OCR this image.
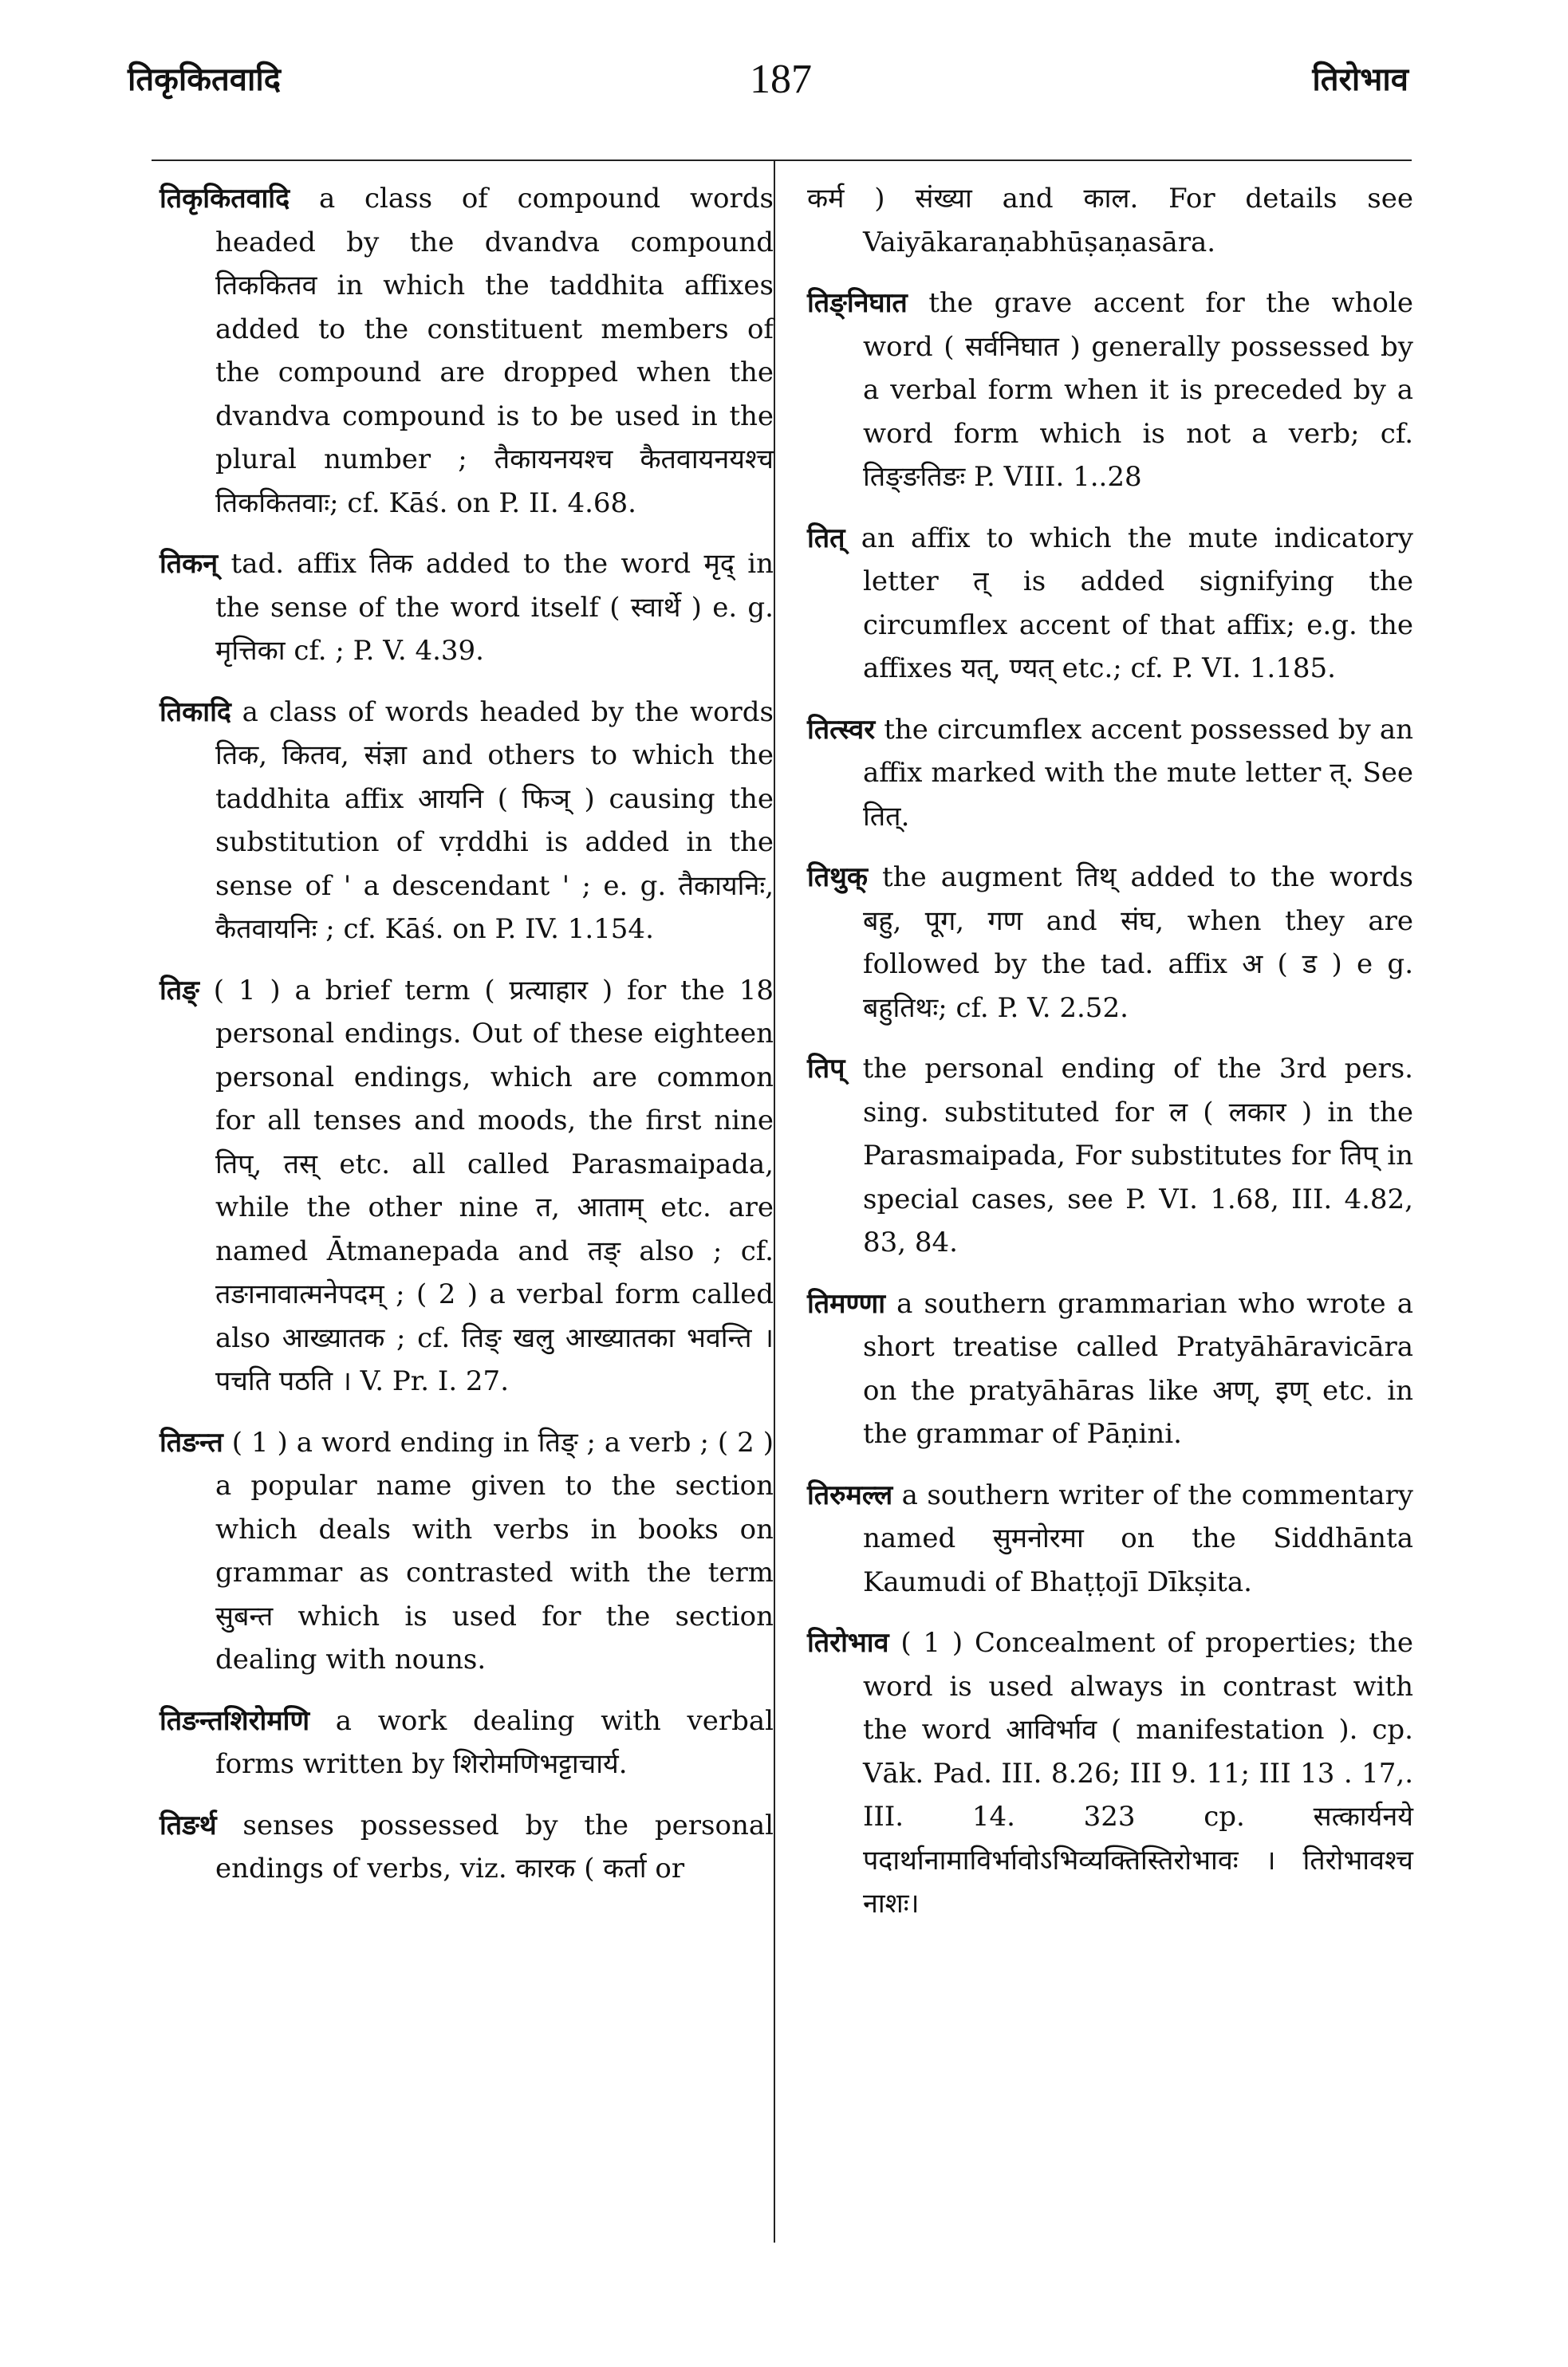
तिकृकितवादि	187	तिरोभाव

तिकृकितवादि a class of compound words headed by the dvandva compound तिककितव in which the taddhita affixes added to the constituent members of the compound are dropped when the dvandva compound is to be used in the plural number ; तैकायनयश्च कैतवायनयश्च तिककितवाः; cf. Kāś. on P. II. 4.68.

तिकन् tad. affix तिक added to the word मृद् in the sense of the word itself ( स्वार्थे ) e. g. मृत्तिका cf. ; P. V. 4.39.

तिकादि a class of words headed by the words तिक, कितव, संज्ञा and others to which the taddhita affix आयनि ( फिञ् ) causing the substitution of vṛddhi is added in the sense of ' a descendant ' ; e. g. तैकायनिः, कैतवायनिः ; cf. Kāś. on P. IV. 1.154.

तिङ् ( 1 ) a brief term ( प्रत्याहार ) for the 18 personal endings. Out of these eighteen personal endings, which are common for all tenses and moods, the first nine तिप्, तस् etc. all called Parasmaipada, while the other nine त, आताम् etc. are named Ātmanepada and तङ् also ; cf. तङानावात्मनेपदम् ; ( 2 ) a verbal form called also आख्यातक ; cf. तिङ् खलु आख्यातका भवन्ति । पचति पठति । V. Pr. I. 27.

तिङन्त ( 1 ) a word ending in तिङ् ; a verb ; ( 2 ) a popular name given to the section which deals with verbs in books on grammar as contrasted with the term सुबन्त which is used for the section dealing with nouns.

तिङन्तशिरोमणि a work dealing with verbal forms written by शिरोमणिभट्टाचार्य.

तिङर्थ senses possessed by the personal endings of verbs, viz. कारक ( कर्ता or

कर्म ) संख्या and काल. For details see Vaiyākaraṇabhūṣaṇasāra.

तिङ्निघात the grave accent for the whole word ( सर्वनिघात ) generally possessed by a verbal form when it is preceded by a word form which is not a verb; cf. तिङ्ङतिङः P. VIII. 1..28

तित् an affix to which the mute indicatory letter त् is added signifying the circumflex accent of that affix; e.g. the affixes यत्, ण्यत् etc.; cf. P. VI. 1.185.

तित्स्वर the circumflex accent possessed by an affix marked with the mute letter त्. See तित्.

तिथुक् the augment तिथ् added to the words बहु, पूग, गण and संघ, when they are followed by the tad. affix अ ( ड ) e g. बहुतिथः; cf. P. V. 2.52.

तिप् the personal ending of the 3rd pers. sing. substituted for ल ( लकार ) in the Parasmaipada, For substitutes for तिप् in special cases, see P. VI. 1.68, III. 4.82, 83, 84.

तिमण्णा a southern grammarian who wrote a short treatise called Pratyāhāravicāra on the pratyāhāras like अण्, इण् etc. in the grammar of Pāṇini.

तिरुमल्ल a southern writer of the commentary named सुमनोरमा on the Siddhānta Kaumudi of Bhaṭṭojī Dīkṣita.

तिरोभाव ( 1 ) Concealment of properties; the word is used always in contrast with the word आविर्भाव ( manifestation ). cp. Vāk. Pad. III. 8.26; III 9. 11; III 13 . 17,. III. 14. 323 cp. सत्कार्यनये पदार्थानामाविर्भावोऽभिव्यक्तिस्तिरोभावः । तिरोभावश्च नाशः।
